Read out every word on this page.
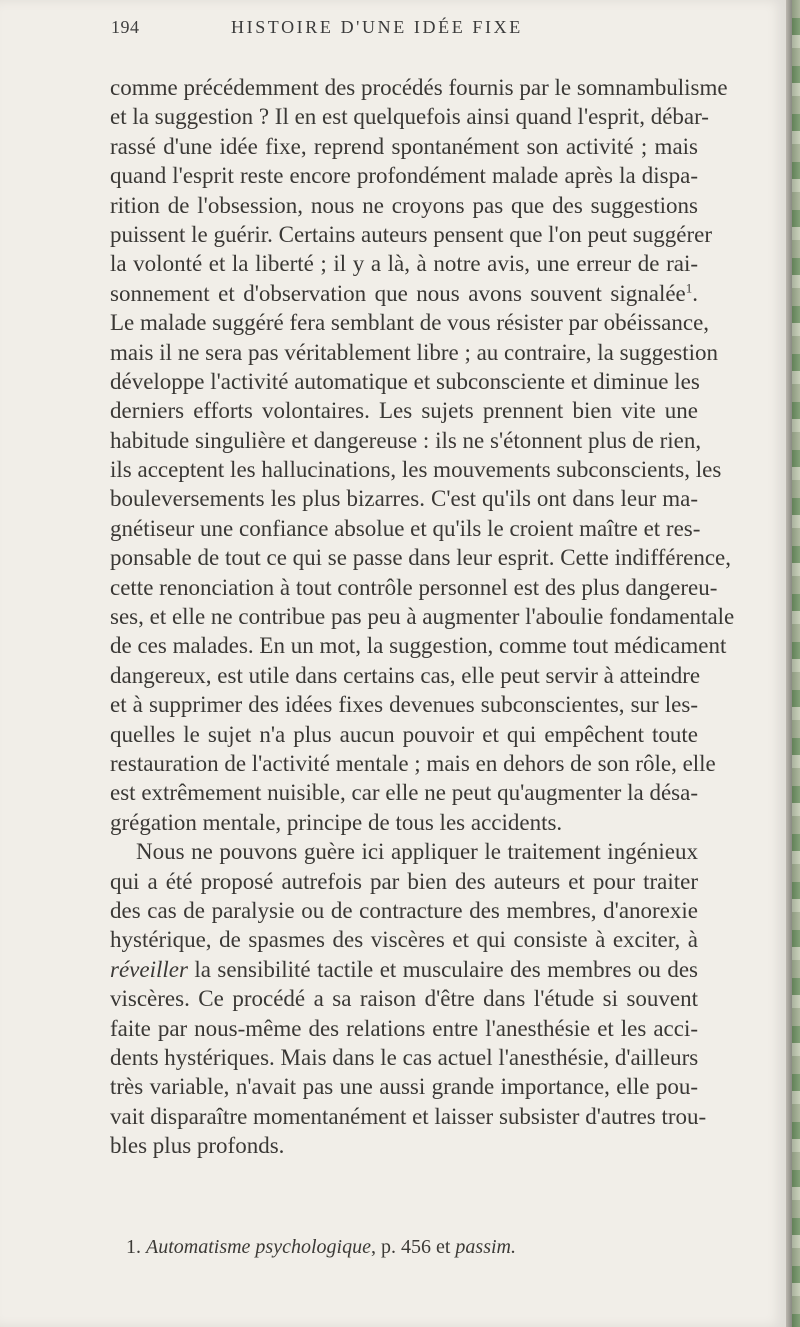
194	HISTOIRE D'UNE IDÉE FIXE
comme précédemment des procédés fournis par le somnambulisme
et la suggestion ? Il en est quelquefois ainsi quand l'esprit, débar-
rassé d'une idée fixe, reprend spontanément son activité ; mais
quand l'esprit reste encore profondément malade après la dispa-
rition de l'obsession, nous ne croyons pas que des suggestions
puissent le guérir. Certains auteurs pensent que l'on peut suggérer
la volonté et la liberté ; il y a là, à notre avis, une erreur de rai-
sonnement et d'observation que nous avons souvent signalée$^1$.
Le malade suggéré fera semblant de vous résister par obéissance,
mais il ne sera pas véritablement libre ; au contraire, la suggestion
développe l'activité automatique et subconsciente et diminue les
derniers efforts volontaires. Les sujets prennent bien vite une
habitude singulière et dangereuse : ils ne s'étonnent plus de rien,
ils acceptent les hallucinations, les mouvements subconscients, les
bouleversements les plus bizarres. C'est qu'ils ont dans leur ma-
gnétiseur une confiance absolue et qu'ils le croient maître et res-
ponsable de tout ce qui se passe dans leur esprit. Cette indifférence,
cette renonciation à tout contrôle personnel est des plus dangereu-
ses, et elle ne contribue pas peu à augmenter l'aboulie fondamentale
de ces malades. En un mot, la suggestion, comme tout médicament
dangereux, est utile dans certains cas, elle peut servir à atteindre
et à supprimer des idées fixes devenues subconscientes, sur les-
quelles le sujet n'a plus aucun pouvoir et qui empêchent toute
restauration de l'activité mentale ; mais en dehors de son rôle, elle
est extrêmement nuisible, car elle ne peut qu'augmenter la désa-
grégation mentale, principe de tous les accidents.
Nous ne pouvons guère ici appliquer le traitement ingénieux
qui a été proposé autrefois par bien des auteurs et pour traiter
des cas de paralysie ou de contracture des membres, d'anorexie
hystérique, de spasmes des viscères et qui consiste à exciter, à
réveiller la sensibilité tactile et musculaire des membres ou des
viscères. Ce procédé a sa raison d'être dans l'étude si souvent
faite par nous-même des relations entre l'anesthésie et les acci-
dents hystériques. Mais dans le cas actuel l'anesthésie, d'ailleurs
très variable, n'avait pas une aussi grande importance, elle pou-
vait disparaître momentanément et laisser subsister d'autres trou-
bles plus profonds.
1. Automatisme psychologique, p. 456 et passim.
